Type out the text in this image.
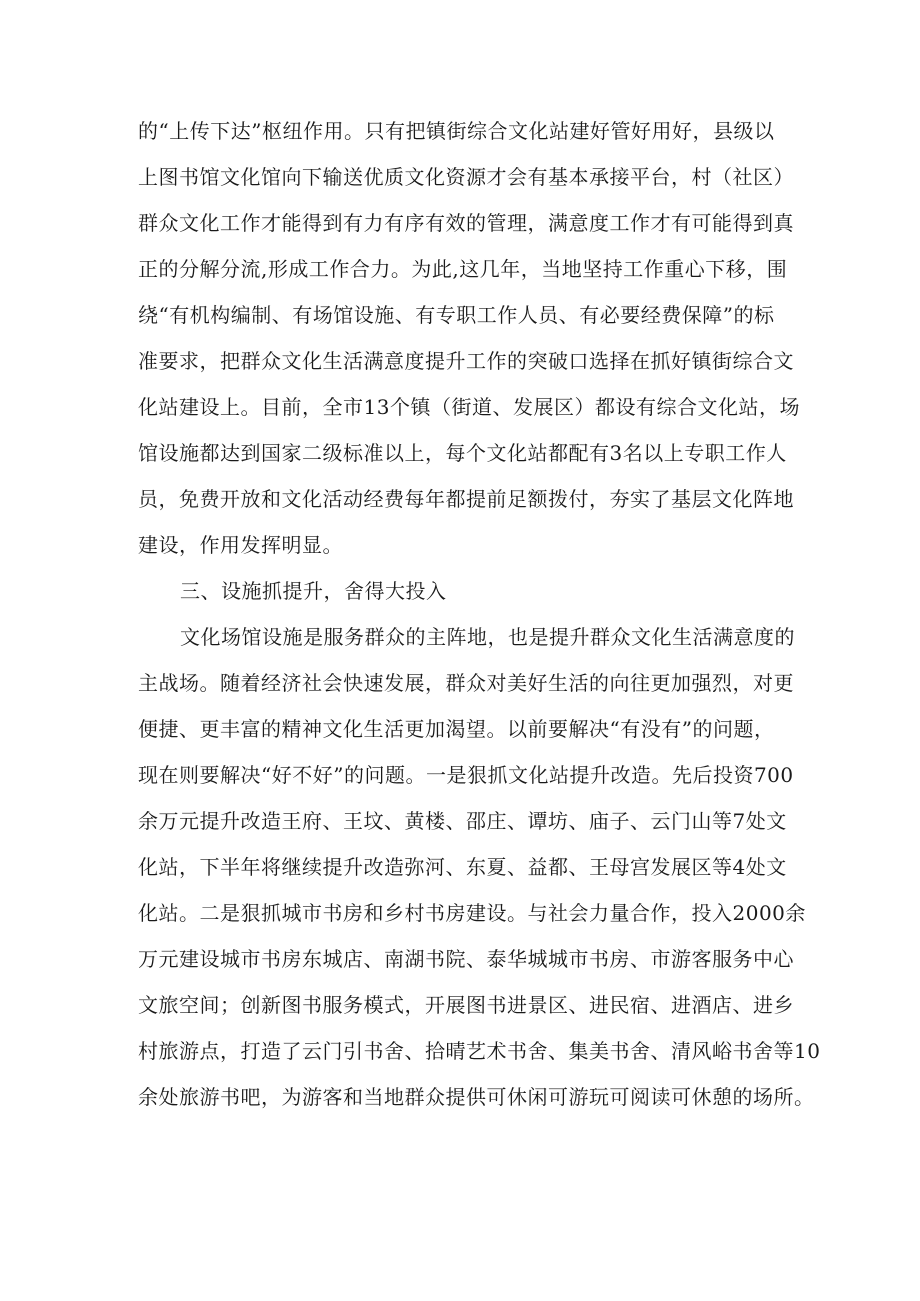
的“上传下达”枢纽作用。只有把镇街综合文化站建好管好用好，县级以
上图书馆文化馆向下输送优质文化资源才会有基本承接平台，村（社区）
群众文化工作才能得到有力有序有效的管理，满意度工作才有可能得到真
正的分解分流,形成工作合力。为此,这几年，当地坚持工作重心下移，围
绕“有机构编制、有场馆设施、有专职工作人员、有必要经费保障”的标
准要求，把群众文化生活满意度提升工作的突破口选择在抓好镇街综合文
化站建设上。目前，全市13个镇（街道、发展区）都设有综合文化站，场
馆设施都达到国家二级标准以上，每个文化站都配有3名以上专职工作人
员，免费开放和文化活动经费每年都提前足额拨付，夯实了基层文化阵地
建设，作用发挥明显。
三、设施抓提升，舍得大投入
文化场馆设施是服务群众的主阵地，也是提升群众文化生活满意度的
主战场。随着经济社会快速发展，群众对美好生活的向往更加强烈，对更
便捷、更丰富的精神文化生活更加渴望。以前要解决“有没有”的问题，
现在则要解决“好不好”的问题。一是狠抓文化站提升改造。先后投资700
余万元提升改造王府、王坟、黄楼、邵庄、谭坊、庙子、云门山等7处文
化站，下半年将继续提升改造弥河、东夏、益都、王母宫发展区等4处文
化站。二是狠抓城市书房和乡村书房建设。与社会力量合作，投入2000余
万元建设城市书房东城店、南湖书院、泰华城城市书房、市游客服务中心
文旅空间；创新图书服务模式，开展图书进景区、进民宿、进酒店、进乡
村旅游点，打造了云门引书舍、拾晴艺术书舍、集美书舍、清风峪书舍等10
余处旅游书吧，为游客和当地群众提供可休闲可游玩可阅读可休憩的场所。
